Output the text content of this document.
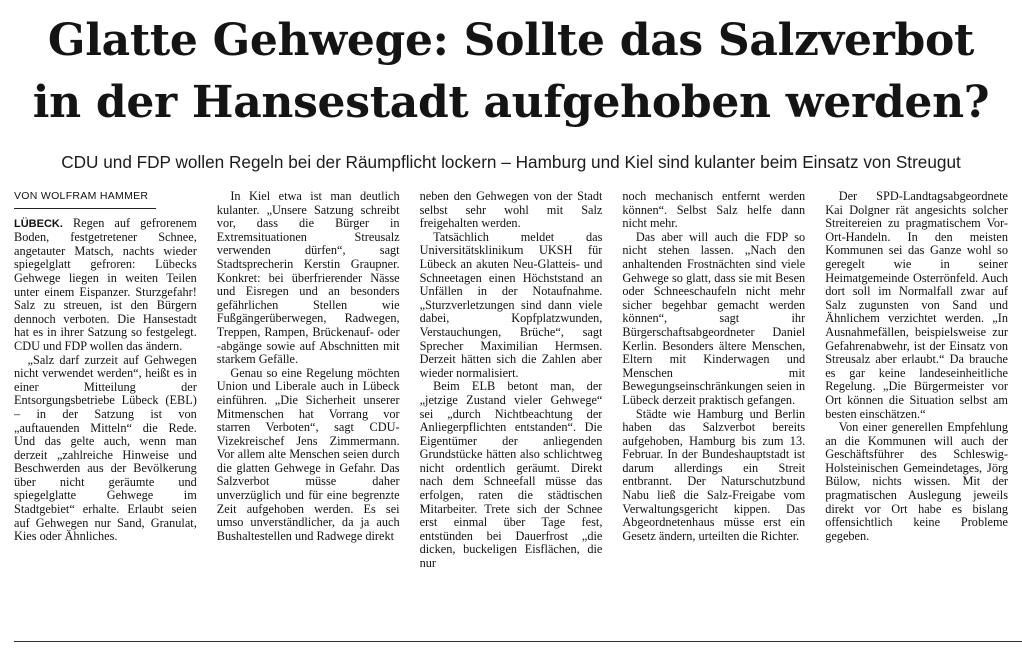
Glatte Gehwege: Sollte das Salzverbot
in der Hansestadt aufgehoben werden?
CDU und FDP wollen Regeln bei der Räumpflicht lockern – Hamburg und Kiel sind kulanter beim Einsatz von Streugut
VON WOLFRAM HAMMER

LÜBECK. Regen auf gefrorenem Boden, festgetretener Schnee, angetauter Matsch, nachts wieder spiegelglatt gefroren: Lübecks Gehwege liegen in weiten Teilen unter einem Eispanzer. Sturzgefahr! Salz zu streuen, ist den Bürgern dennoch verboten. Die Hansestadt hat es in ihrer Satzung so festgelegt. CDU und FDP wollen das ändern.

„Salz darf zurzeit auf Gehwegen nicht verwendet werden“, heißt es in einer Mitteilung der Entsorgungsbetriebe Lübeck (EBL) – in der Satzung ist von „auftauenden Mitteln“ die Rede. Und das gelte auch, wenn man derzeit „zahlreiche Hinweise und Beschwerden aus der Bevölkerung über nicht geräumte und spiegelglatte Gehwege im Stadtgebiet“ erhalte. Erlaubt seien auf Gehwegen nur Sand, Granulat, Kies oder Ähnliches.

In Kiel etwa ist man deutlich kulanter. „Unsere Satzung schreibt vor, dass die Bürger in Extremsituationen Streusalz verwenden dürfen“, sagt Stadtsprecherin Kerstin Graupner. Konkret: bei überfrierender Nässe und Eisregen und an besonders gefährlichen Stellen wie Fußgängerüberwegen, Radwegen, Treppen, Rampen, Brückenauf- oder -abgänge sowie auf Abschnitten mit starkem Gefälle.

Genau so eine Regelung möchten Union und Liberale auch in Lübeck einführen. „Die Sicherheit unserer Mitmenschen hat Vorrang vor starren Verboten“, sagt CDU-Vizekreischef Jens Zimmermann. Vor allem alte Menschen seien durch die glatten Gehwege in Gefahr. Das Salzverbot müsse daher unverzüglich und für eine begrenzte Zeit aufgehoben werden. Es sei umso unverständlicher, da ja auch Bushaltestellen und Radwege direkt

neben den Gehwegen von der Stadt selbst sehr wohl mit Salz freigehalten werden.

Tatsächlich meldet das Universitätsklinikum UKSH für Lübeck an akuten Neu-Glatteis- und Schneetagen einen Höchststand an Unfällen in der Notaufnahme. „Sturzverletzungen sind dann viele dabei, Kopfplatzwunden, Verstauchungen, Brüche“, sagt Sprecher Maximilian Hermsen. Derzeit hätten sich die Zahlen aber wieder normalisiert.

Beim ELB betont man, der „jetzige Zustand vieler Gehwege“ sei „durch Nichtbeachtung der Anliegerpflichten entstanden“. Die Eigentümer der anliegenden Grundstücke hätten also schlichtweg nicht ordentlich geräumt. Direkt nach dem Schneefall müsse das erfolgen, raten die städtischen Mitarbeiter. Trete sich der Schnee erst einmal über Tage fest, entstünden bei Dauerfrost „die dicken, buckeligen Eisflächen, die nur

noch mechanisch entfernt werden können“. Selbst Salz helfe dann nicht mehr.

Das aber will auch die FDP so nicht stehen lassen. „Nach den anhaltenden Frostnächten sind viele Gehwege so glatt, dass sie mit Besen oder Schneeschaufeln nicht mehr sicher begehbar gemacht werden können“, sagt ihr Bürgerschaftsabgeordneter Daniel Kerlin. Besonders ältere Menschen, Eltern mit Kinderwagen und Menschen mit Bewegungseinschränkungen seien in Lübeck derzeit praktisch gefangen.

Städte wie Hamburg und Berlin haben das Salzverbot bereits aufgehoben, Hamburg bis zum 13. Februar. In der Bundeshauptstadt ist darum allerdings ein Streit entbrannt. Der Naturschutzbund Nabu ließ die Salz-Freigabe vom Verwaltungsgericht kippen. Das Abgeordnetenhaus müsse erst ein Gesetz ändern, urteilten die Richter.

Der SPD-Landtagsabgeordnete Kai Dolgner rät angesichts solcher Streitereien zu pragmatischem Vor-Ort-Handeln. In den meisten Kommunen sei das Ganze wohl so geregelt wie in seiner Heimatgemeinde Osterrönfeld. Auch dort soll im Normalfall zwar auf Salz zugunsten von Sand und Ähnlichem verzichtet werden. „In Ausnahmefällen, beispielsweise zur Gefahrenabwehr, ist der Einsatz von Streusalz aber erlaubt.“ Da brauche es gar keine landeseinheitliche Regelung. „Die Bürgermeister vor Ort können die Situation selbst am besten einschätzen.“

Von einer generellen Empfehlung an die Kommunen will auch der Geschäftsführer des Schleswig-Holsteinischen Gemeindetages, Jörg Bülow, nichts wissen. Mit der pragmatischen Auslegung jeweils direkt vor Ort habe es bislang offensichtlich keine Probleme gegeben.
